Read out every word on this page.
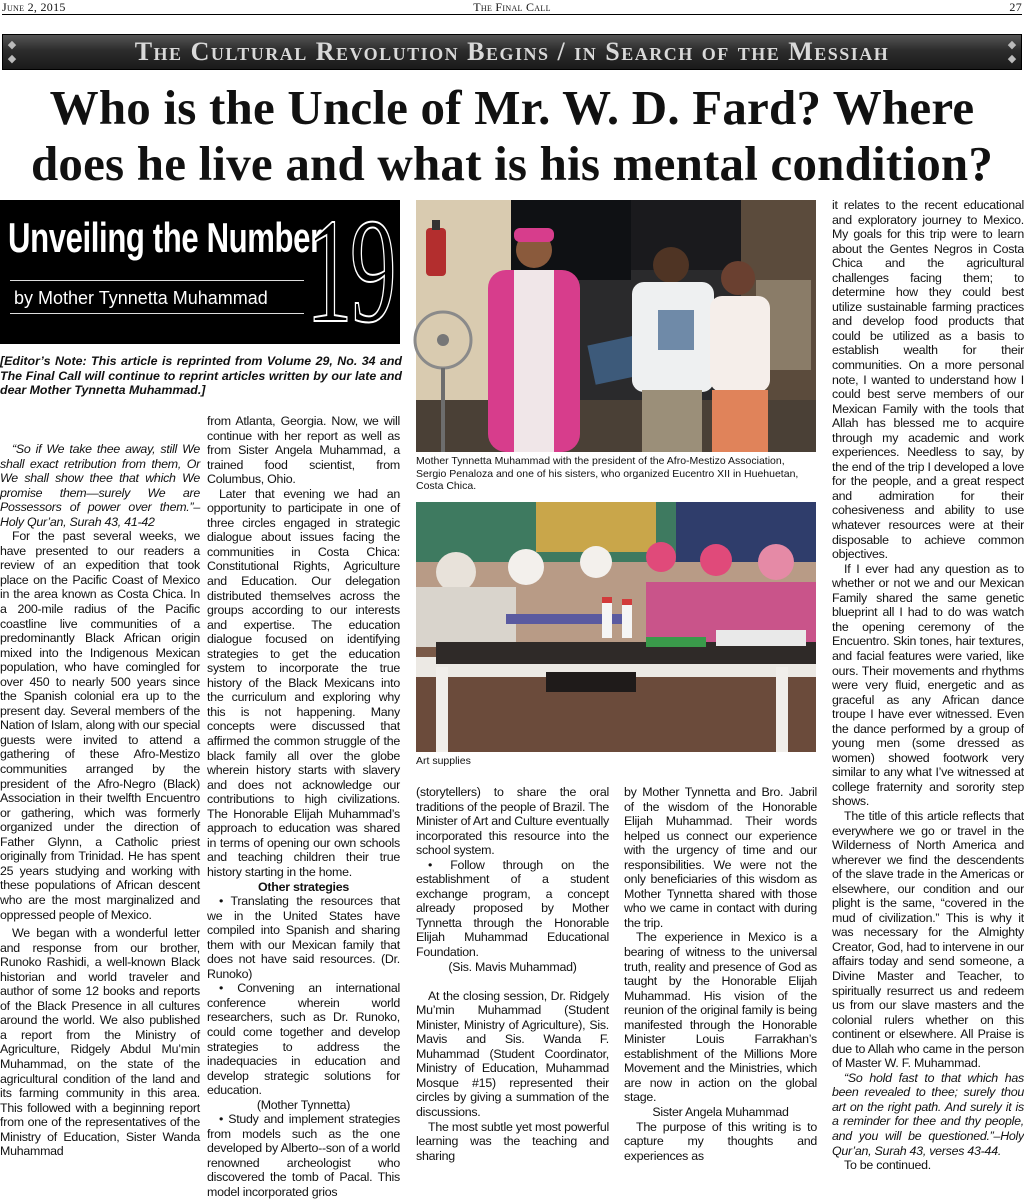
June 2, 2015	The Final Call	27
◆
◆	The Cultural Revolution Begins / in Search of the Messiah	◆
◆
Who is the Uncle of Mr. W. D. Fard? Where
does he live and what is his mental condition?
Unveiling the Number
by Mother Tynnetta Muhammad 19
[Editor’s Note: This article is reprinted from Volume 29, No. 34 and The Final Call will continue to reprint articles written by our late and dear Mother Tynnetta Muhammad.]

“So if We take thee away, still We shall exact retribution from them, Or We shall show thee that which We promise them—surely We are Possessors of power over them.”–Holy Qur’an, Surah 43, 41-42

For the past several weeks, we have presented to our readers a review of an expedition that took place on the Pacific Coast of Mexico in the area known as Costa Chica. In a 200-mile radius of the Pacific coastline live communities of a predominantly Black African origin mixed into the Indigenous Mexican population, who have comingled for over 450 to nearly 500 years since the Spanish colonial era up to the present day. Several members of the Nation of Islam, along with our special guests were invited to attend a gathering of these Afro-Mestizo communities arranged by the president of the Afro-Negro (Black) Association in their twelfth Encuentro or gathering, which was formerly organized under the direction of Father Glynn, a Catholic priest originally from Trinidad. He has spent 25 years studying and working with these populations of African descent who are the most marginalized and oppressed people of Mexico.

We began with a wonderful letter and response from our brother, Runoko Rashidi, a well-known Black historian and world traveler and author of some 12 books and reports of the Black Presence in all cultures around the world. We also published a report from the Ministry of Agriculture, Ridgely Abdul Mu’min Muhammad, on the state of the agricultural condition of the land and its farming community in this area. This followed with a beginning report from one of the representatives of the Ministry of Education, Sister Wanda Muhammad

from Atlanta, Georgia. Now, we will continue with her report as well as from Sister Angela Muhammad, a trained food scientist, from Columbus, Ohio.

Later that evening we had an opportunity to participate in one of three circles engaged in strategic dialogue about issues facing the communities in Costa Chica: Constitutional Rights, Agriculture and Education. Our delegation distributed themselves across the groups according to our interests and expertise. The education dialogue focused on identifying strategies to get the education system to incorporate the true history of the Black Mexicans into the curriculum and exploring why this is not happening. Many concepts were discussed that affirmed the common struggle of the black family all over the globe wherein history starts with slavery and does not acknowledge our contributions to high civilizations. The Honorable Elijah Muhammad’s approach to education was shared in terms of opening our own schools and teaching children their true history starting in the home.

Other strategies

• Translating the resources that we in the United States have compiled into Spanish and sharing them with our Mexican family that does not have said resources. (Dr. Runoko)

• Convening an international conference wherein world researchers, such as Dr. Runoko, could come together and develop strategies to address the inadequacies in education and develop strategic solutions for education.

(Mother Tynnetta)

• Study and implement strategies from models such as the one developed by Alberto--son of a world renowned archeologist who discovered the tomb of Pacal. This model incorporated grios

Mother Tynnetta Muhammad with the president of the Afro-Mestizo Association, Sergio Penaloza and one of his sisters, who organized Eucentro XII in Huehuetan, Costa Chica.
Art supplies

(storytellers) to share the oral traditions of the people of Brazil. The Minister of Art and Culture eventually incorporated this resource into the school system.

• Follow through on the establishment of a student exchange program, a concept already proposed by Mother Tynnetta through the Honorable Elijah Muhammad Educational Foundation.

(Sis. Mavis Muhammad)

At the closing session, Dr. Ridgely Mu’min Muhammad (Student Minister, Ministry of Agriculture), Sis. Mavis and Sis. Wanda F. Muhammad (Student Coordinator, Ministry of Education, Muhammad Mosque #15) represented their circles by giving a summation of the discussions.

The most subtle yet most powerful learning was the teaching and sharing

by Mother Tynnetta and Bro. Jabril of the wisdom of the Honorable Elijah Muhammad. Their words helped us connect our experience with the urgency of time and our responsibilities. We were not the only beneficiaries of this wisdom as Mother Tynnetta shared with those who we came in contact with during the trip.

The experience in Mexico is a bearing of witness to the universal truth, reality and presence of God as taught by the Honorable Elijah Muhammad. His vision of the reunion of the original family is being manifested through the Honorable Minister Louis Farrakhan’s establishment of the Millions More Movement and the Ministries, which are now in action on the global stage.

Sister Angela Muhammad

The purpose of this writing is to capture my thoughts and experiences as

it relates to the recent educational and exploratory journey to Mexico. My goals for this trip were to learn about the Gentes Negros in Costa Chica and the agricultural challenges facing them; to determine how they could best utilize sustainable farming practices and develop food products that could be utilized as a basis to establish wealth for their communities. On a more personal note, I wanted to understand how I could best serve members of our Mexican Family with the tools that Allah has blessed me to acquire through my academic and work experiences. Needless to say, by the end of the trip I developed a love for the people, and a great respect and admiration for their cohesiveness and ability to use whatever resources were at their disposable to achieve common objectives.

If I ever had any question as to whether or not we and our Mexican Family shared the same genetic blueprint all I had to do was watch the opening ceremony of the Encuentro. Skin tones, hair textures, and facial features were varied, like ours. Their movements and rhythms were very fluid, energetic and as graceful as any African dance troupe I have ever witnessed. Even the dance performed by a group of young men (some dressed as women) showed footwork very similar to any what I’ve witnessed at college fraternity and sorority step shows.

The title of this article reflects that everywhere we go or travel in the Wilderness of North America and wherever we find the descendents of the slave trade in the Americas or elsewhere, our condition and our plight is the same, “covered in the mud of civilization.” This is why it was necessary for the Almighty Creator, God, had to intervene in our affairs today and send someone, a Divine Master and Teacher, to spiritually resurrect us and redeem us from our slave masters and the colonial rulers whether on this continent or elsewhere. All Praise is due to Allah who came in the person of Master W. F. Muhammad.

“So hold fast to that which has been revealed to thee; surely thou art on the right path. And surely it is a reminder for thee and thy people, and you will be questioned.”–Holy Qur’an, Surah 43, verses 43-44.

To be continued.
